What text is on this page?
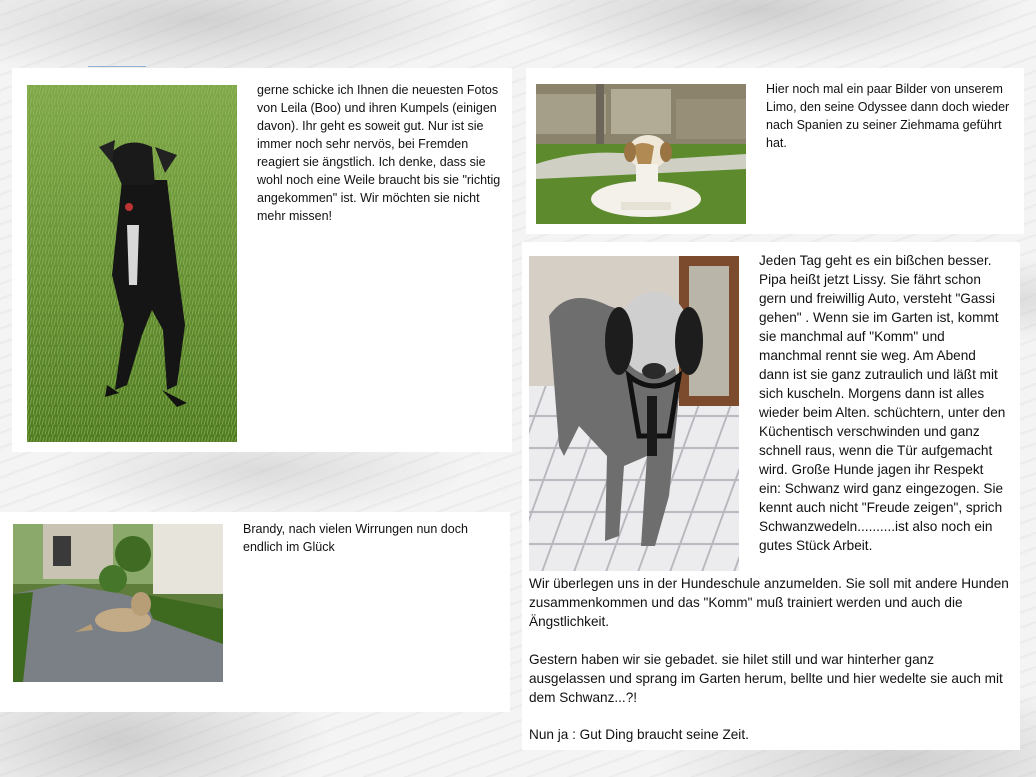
gerne schicke ich Ihnen die neuesten Fotos von Leila (Boo) und ihren Kumpels (einigen davon). Ihr geht es soweit gut. Nur ist sie immer noch sehr nervös, bei Fremden reagiert sie ängstlich. Ich denke, dass sie wohl noch eine Weile braucht bis sie "richtig angekommen" ist. Wir möchten sie nicht mehr missen!
Hier noch mal ein paar Bilder von unserem Limo, den seine Odyssee dann doch wieder nach Spanien zu seiner Ziehmama geführt hat.
Jeden Tag geht es ein bißchen besser. Pipa heißt jetzt Lissy. Sie fährt schon gern und freiwillig Auto, versteht "Gassi gehen" . Wenn sie im Garten ist, kommt sie manchmal auf "Komm" und manchmal rennt sie weg. Am Abend dann ist sie ganz zutraulich und läßt mit sich kuscheln. Morgens dann ist alles wieder beim Alten. schüchtern, unter den Küchentisch verschwinden und ganz schnell raus, wenn die Tür aufgemacht wird. Große Hunde jagen ihr Respekt ein: Schwanz wird ganz eingezogen. Sie kennt auch nicht "Freude zeigen", sprich Schwanzwedeln..........ist also noch ein gutes Stück Arbeit.
Wir überlegen uns in der Hundeschule anzumelden. Sie soll mit andere Hunden zusammenkommen und das "Komm" muß trainiert werden und auch die Ängstlichkeit.
Gestern haben wir sie gebadet. sie hilet still und war hinterher ganz ausgelassen und sprang im Garten herum, bellte und hier wedelte sie auch mit dem Schwanz...?!
Nun ja : Gut Ding braucht seine Zeit.
Brandy, nach vielen Wirrungen nun doch endlich im Glück
